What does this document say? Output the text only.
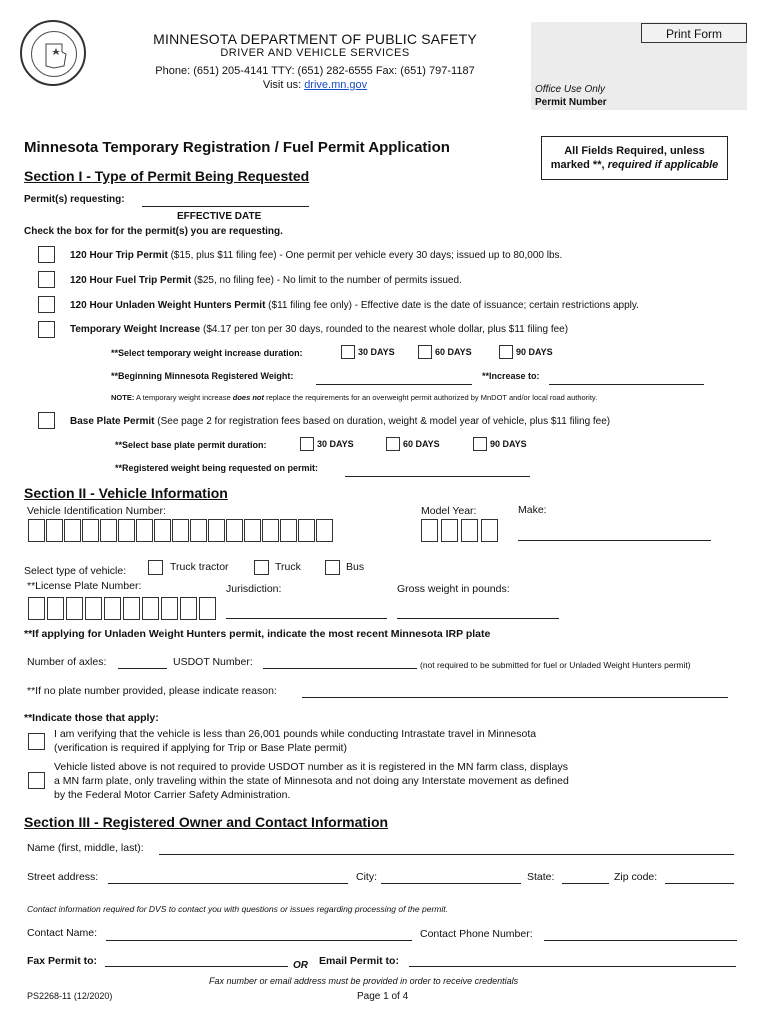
MINNESOTA DEPARTMENT OF PUBLIC SAFETY
DRIVER AND VEHICLE SERVICES
Phone: (651) 205-4141 TTY: (651) 282-6555 Fax: (651) 797-1187
Visit us: drive.mn.gov
Print Form
Office Use Only
Permit Number
Minnesota Temporary Registration / Fuel Permit Application	All Fields Required, unless
marked **, required if applicable
Section I - Type of Permit Being Requested
Permit(s) requesting:
EFFECTIVE DATE
Check the box for for the permit(s) you are requesting.
120 Hour Trip Permit ($15, plus $11 filing fee) - One permit per vehicle every 30 days; issued up to 80,000 lbs.
120 Hour Fuel Trip Permit ($25, no filing fee) - No limit to the number of permits issued.
120 Hour Unladen Weight Hunters Permit ($11 filing fee only) - Effective date is the date of issuance; certain restrictions apply.
Temporary Weight Increase ($4.17 per ton per 30 days, rounded to the nearest whole dollar, plus $11 filing fee)
**Select temporary weight increase duration:	30 DAYS	60 DAYS	90 DAYS
**Beginning Minnesota Registered Weight:	**Increase to:
NOTE: A temporary weight increase does not replace the requirements for an overweight permit authorized by MnDOT and/or local road authority.
Base Plate Permit (See page 2 for registration fees based on duration, weight & model year of vehicle, plus $11 filing fee)
**Select base plate permit duration:	30 DAYS	60 DAYS	90 DAYS
**Registered weight being requested on permit:
Section II - Vehicle Information
Vehicle Identification Number:	Model Year:	Make:
Select type of vehicle:	Truck tractor	Truck	Bus
**License Plate Number:	Jurisdiction:	Gross weight in pounds:
**If applying for Unladen Weight Hunters permit, indicate the most recent Minnesota IRP plate
Number of axles:	USDOT Number:	(not required to be submitted for fuel or Unladed Weight Hunters permit)
**If no plate number provided, please indicate reason:
**Indicate those that apply:
I am verifying that the vehicle is less than 26,001 pounds while conducting Intrastate travel in Minnesota
(verification is required if applying for Trip or Base Plate permit)
Vehicle listed above is not required to provide USDOT number as it is registered in the MN farm class, displays
a MN farm plate, only traveling within the state of Minnesota and not doing any Interstate movement as defined
by the Federal Motor Carrier Safety Administration.
Section III - Registered Owner and Contact Information
Name (first, middle, last):
Street address:	City:	State:	Zip code:
Contact information required for DVS to contact you with questions or issues regarding processing of the permit.
Contact Name:	Contact Phone Number:
Fax Permit to:	OR Email Permit to:
Fax number or email address must be provided in order to receive credentials
PS2268-11 (12/2020)	Page 1 of 4
